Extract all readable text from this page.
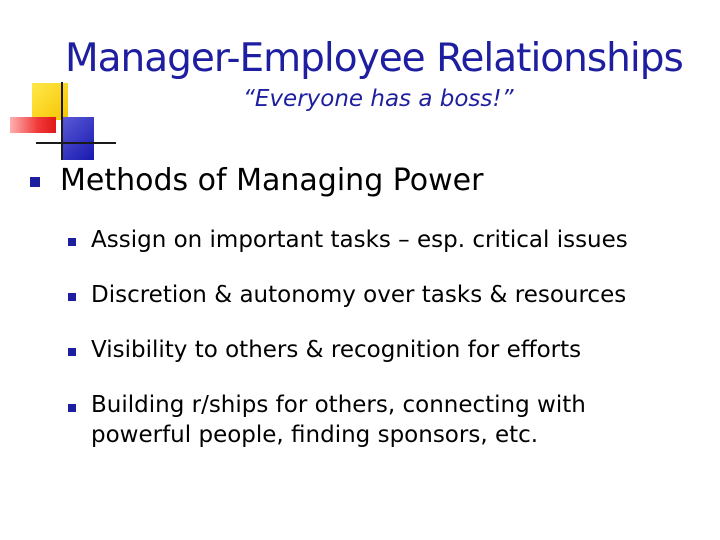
Manager-Employee Relationships
“Everyone has a boss!”
Methods of Managing Power
Assign on important tasks – esp. critical issues
Discretion & autonomy over tasks & resources
Visibility to others & recognition for efforts
Building r/ships for others, connecting with powerful people, finding sponsors, etc.
